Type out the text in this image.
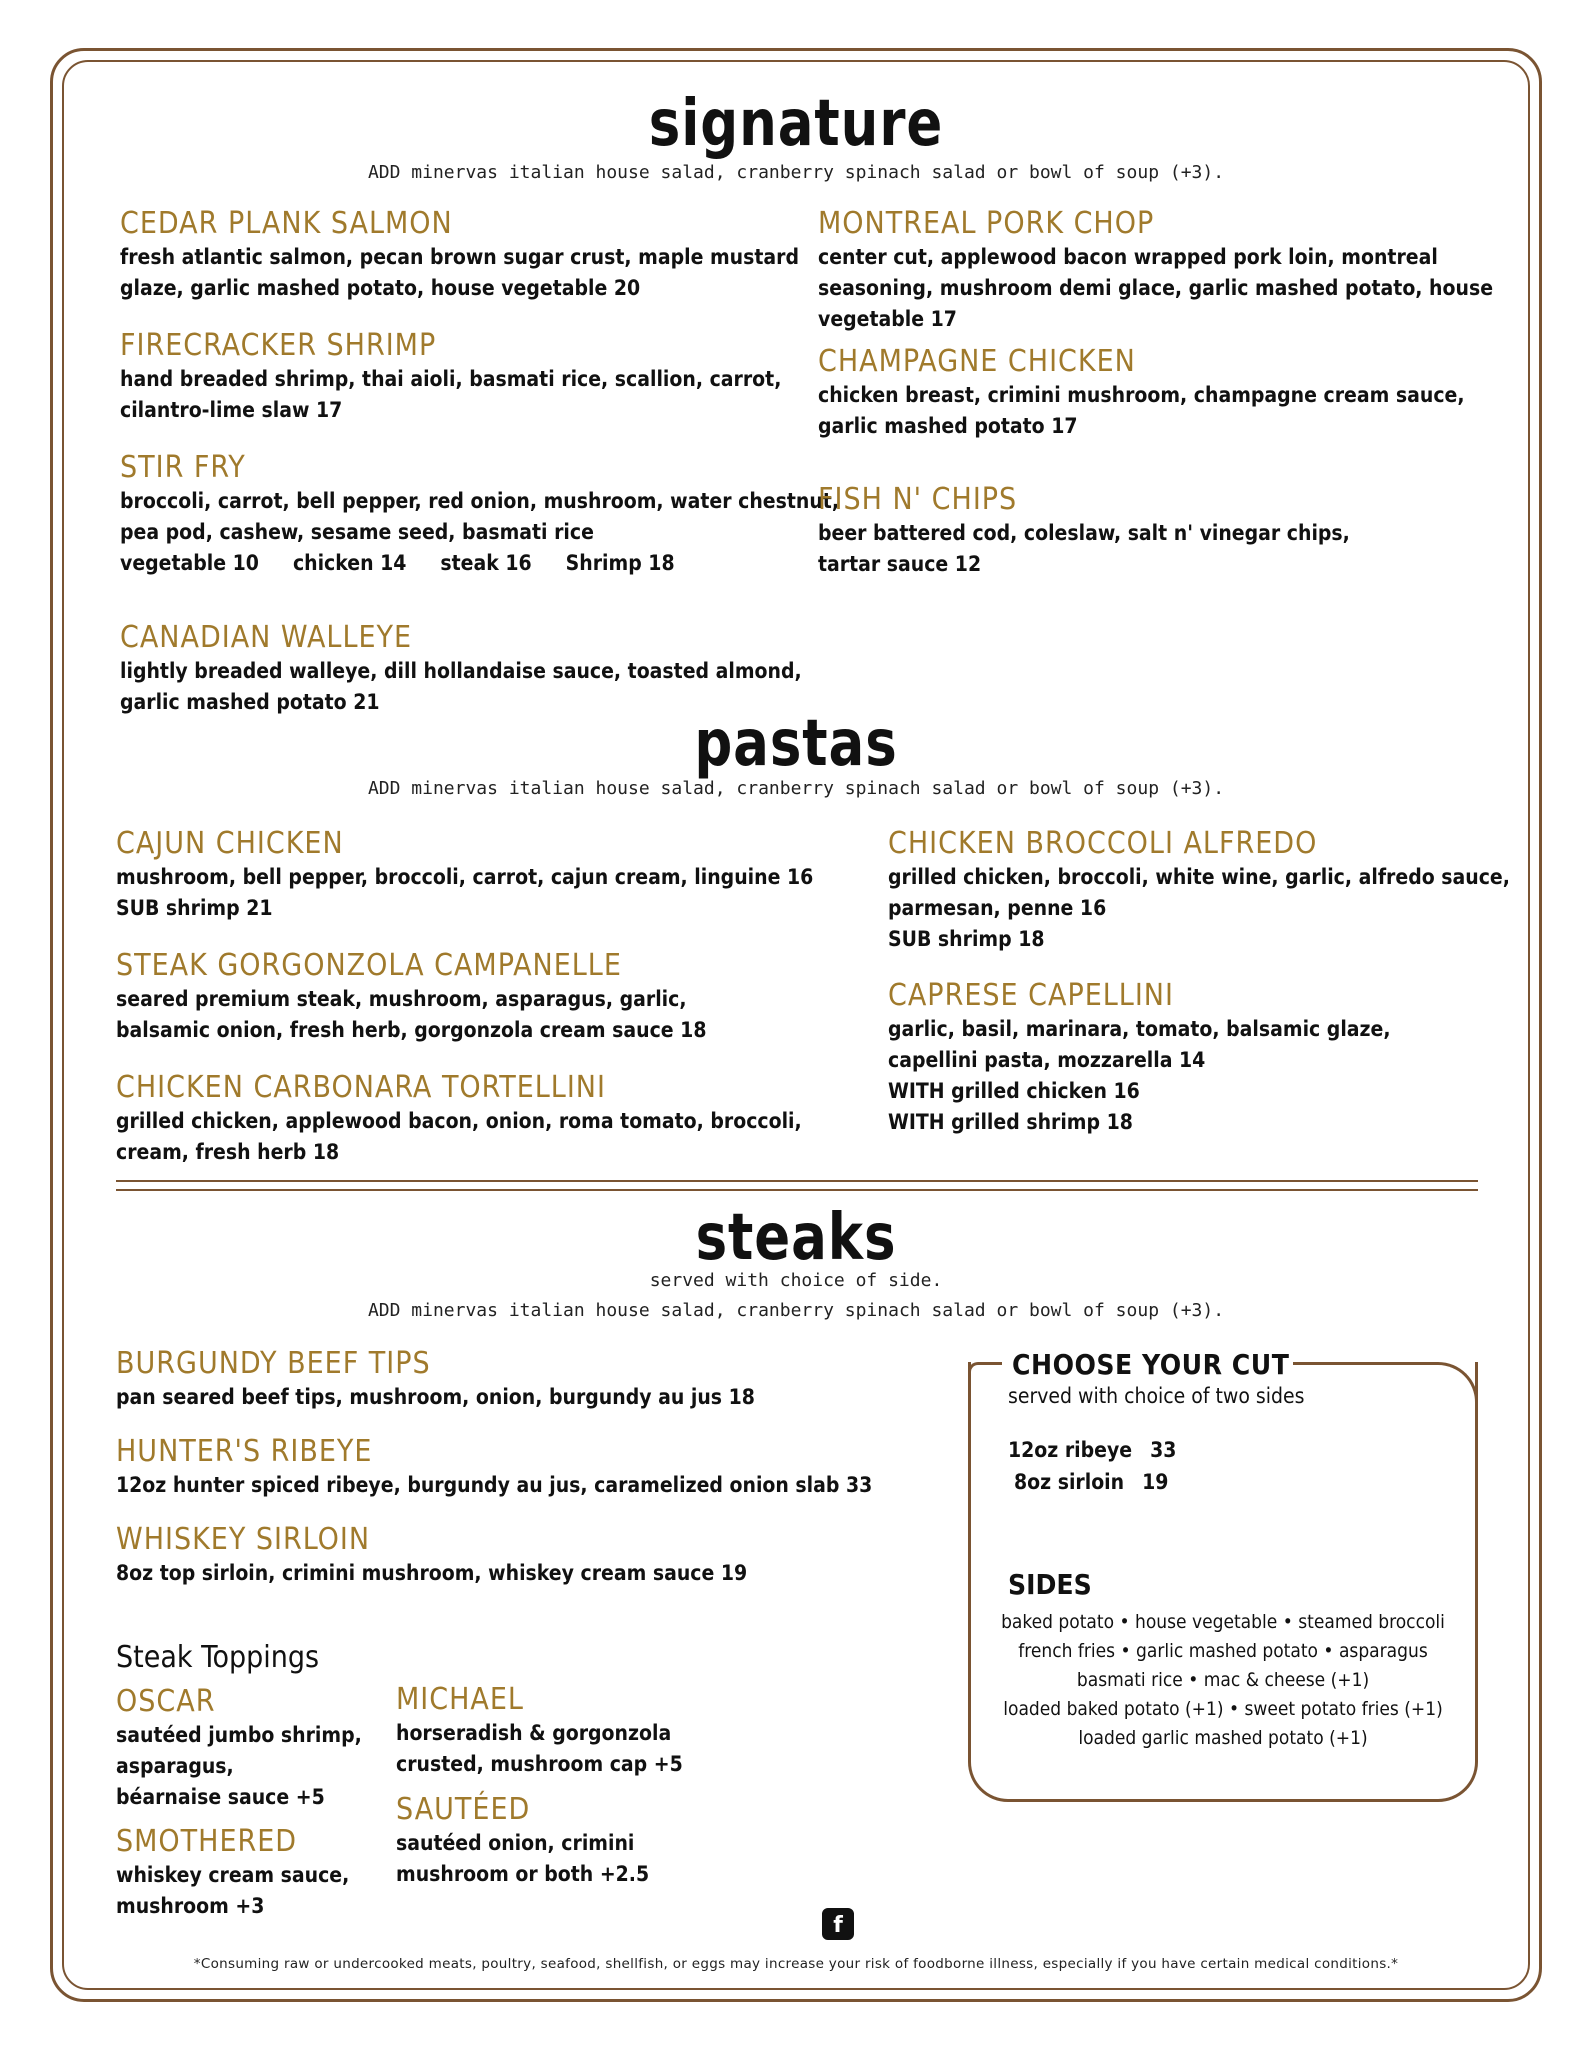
signature
ADD minervas italian house salad, cranberry spinach salad or bowl of soup (+3).
CEDAR PLANK SALMON
fresh atlantic salmon, pecan brown sugar crust, maple mustard
glaze, garlic mashed potato, house vegetable 20
FIRECRACKER SHRIMP
hand breaded shrimp, thai aioli, basmati rice, scallion, carrot,
cilantro-lime slaw 17
STIR FRY
broccoli, carrot, bell pepper, red onion, mushroom, water chestnut,
pea pod, cashew, sesame seed, basmati rice
vegetable 10 chicken 14 steak 16 Shrimp 18
CANADIAN WALLEYE
lightly breaded walleye, dill hollandaise sauce, toasted almond,
garlic mashed potato 21
MONTREAL PORK CHOP
center cut, applewood bacon wrapped pork loin, montreal
seasoning, mushroom demi glace, garlic mashed potato, house
vegetable 17
CHAMPAGNE CHICKEN
chicken breast, crimini mushroom, champagne cream sauce,
garlic mashed potato 17
FISH N' CHIPS
beer battered cod, coleslaw, salt n' vinegar chips,
tartar sauce 12
pastas
ADD minervas italian house salad, cranberry spinach salad or bowl of soup (+3).
CAJUN CHICKEN
mushroom, bell pepper, broccoli, carrot, cajun cream, linguine 16
SUB shrimp 21
STEAK GORGONZOLA CAMPANELLE
seared premium steak, mushroom, asparagus, garlic,
balsamic onion, fresh herb, gorgonzola cream sauce 18
CHICKEN CARBONARA TORTELLINI
grilled chicken, applewood bacon, onion, roma tomato, broccoli,
cream, fresh herb 18
CHICKEN BROCCOLI ALFREDO
grilled chicken, broccoli, white wine, garlic, alfredo sauce,
parmesan, penne 16
SUB shrimp 18
CAPRESE CAPELLINI
garlic, basil, marinara, tomato, balsamic glaze,
capellini pasta, mozzarella 14
WITH grilled chicken 16
WITH grilled shrimp 18
steaks
served with choice of side.
ADD minervas italian house salad, cranberry spinach salad or bowl of soup (+3).
BURGUNDY BEEF TIPS
pan seared beef tips, mushroom, onion, burgundy au jus 18
HUNTER'S RIBEYE
12oz hunter spiced ribeye, burgundy au jus, caramelized onion slab 33
WHISKEY SIRLOIN
8oz top sirloin, crimini mushroom, whiskey cream sauce 19
Steak Toppings
OSCAR
sautéed jumbo shrimp,
asparagus,
béarnaise sauce +5
SMOTHERED
whiskey cream sauce,
mushroom +3
MICHAEL
horseradish & gorgonzola
crusted, mushroom cap +5
SAUTÉED
sautéed onion, crimini
mushroom or both +2.5
CHOOSE YOUR CUT
served with choice of two sides
12oz ribeye 33
8oz sirloin 19
SIDES
baked potato • house vegetable • steamed broccoli
french fries • garlic mashed potato • asparagus
basmati rice • mac & cheese (+1)
loaded baked potato (+1) • sweet potato fries (+1)
loaded garlic mashed potato (+1)
f
*Consuming raw or undercooked meats, poultry, seafood, shellfish, or eggs may increase your risk of foodborne illness, especially if you have certain medical conditions.*
